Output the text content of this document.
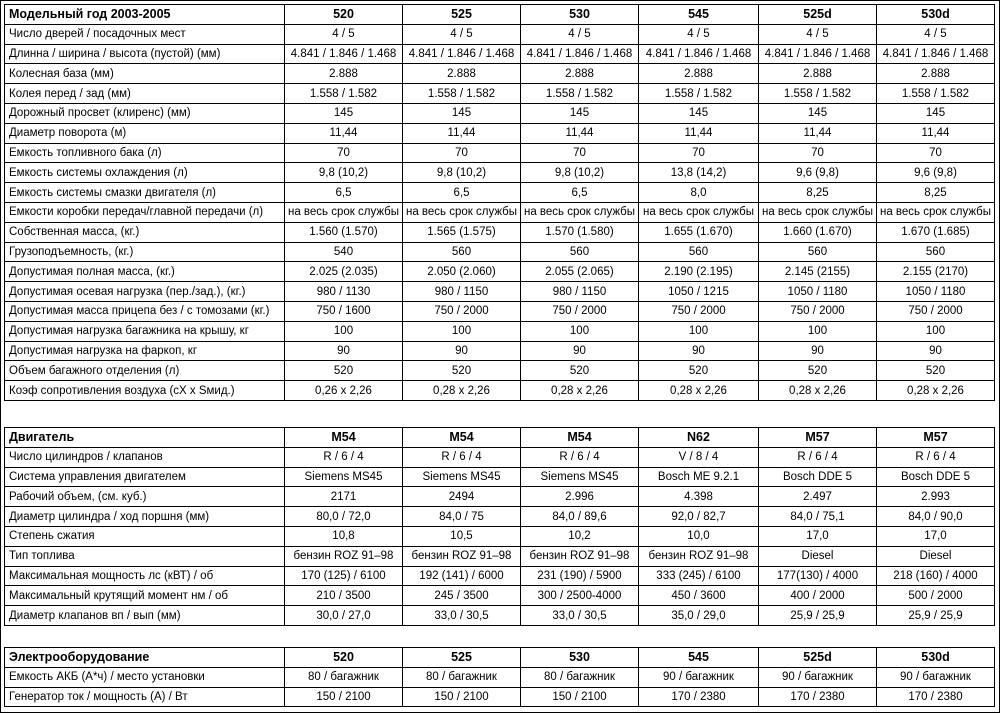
Модельный год 2003-2005	520	525	530	545	525d	530d
Число дверей / посадочных мест	4 / 5	4 / 5	4 / 5	4 / 5	4 / 5	4 / 5
Длинна / ширина / высота (пустой) (мм)	4.841 / 1.846 / 1.468	4.841 / 1.846 / 1.468	4.841 / 1.846 / 1.468	4.841 / 1.846 / 1.468	4.841 / 1.846 / 1.468	4.841 / 1.846 / 1.468
Колесная база (мм)	2.888	2.888	2.888	2.888	2.888	2.888
Колея перед / зад (мм)	1.558 / 1.582	1.558 / 1.582	1.558 / 1.582	1.558 / 1.582	1.558 / 1.582	1.558 / 1.582
Дорожный просвет (клиренс) (мм)	145	145	145	145	145	145
Диаметр поворота (м)	11,44	11,44	11,44	11,44	11,44	11,44
Емкость топливного бака (л)	70	70	70	70	70	70
Емкость системы охлаждения (л)	9,8 (10,2)	9,8 (10,2)	9,8 (10,2)	13,8 (14,2)	9,6 (9,8)	9,6 (9,8)
Емкость системы смазки двигателя (л)	6,5	6,5	6,5	8,0	8,25	8,25
Емкости коробки передач/главной передачи (л)	на весь срок службы	на весь срок службы	на весь срок службы	на весь срок службы	на весь срок службы	на весь срок службы
Собственная масса, (кг.)	1.560 (1.570)	1.565 (1.575)	1.570 (1.580)	1.655 (1.670)	1.660 (1.670)	1.670 (1.685)
Грузоподъемность, (кг.)	540	560	560	560	560	560
Допустимая полная масса, (кг.)	2.025 (2.035)	2.050 (2.060)	2.055 (2.065)	2.190 (2.195)	2.145 (2155)	2.155 (2170)
Допустимая осевая нагрузка (пер./зад.), (кг.)	980 / 1130	980 / 1150	980 / 1150	1050 / 1215	1050 / 1180	1050 / 1180
Допустимая масса прицепа без / с томозами (кг.)	750 / 1600	750 / 2000	750 / 2000	750 / 2000	750 / 2000	750 / 2000
Допустимая нагрузка багажника на крышу, кг	100	100	100	100	100	100
Допустимая нагрузка на фаркоп, кг	90	90	90	90	90	90
Объем багажного отделения (л)	520	520	520	520	520	520
Коэф сопротивления воздуха (cX x Sмид.)	0,26 x 2,26	0,28 x 2,26	0,28 x 2,26	0,28 x 2,26	0,28 x 2,26	0,28 x 2,26
Двигатель	M54	M54	M54	N62	M57	M57
Число цилиндров / клапанов	R / 6 / 4	R / 6 / 4	R / 6 / 4	V / 8 / 4	R / 6 / 4	R / 6 / 4
Система управления двигателем	Siemens MS45	Siemens MS45	Siemens MS45	Bosch ME 9.2.1	Bosch DDE 5	Bosch DDE 5
Рабочий объем, (см. куб.)	2171	2494	2.996	4.398	2.497	2.993
Диаметр цилиндра / ход поршня (мм)	80,0 / 72,0	84,0 / 75	84,0 / 89,6	92,0 / 82,7	84,0 / 75,1	84,0 / 90,0
Степень сжатия	10,8	10,5	10,2	10,0	17,0	17,0
Тип топлива	бензин ROZ 91–98	бензин ROZ 91–98	бензин ROZ 91–98	бензин ROZ 91–98	Diesel	Diesel
Максимальная мощность лс (кВТ) / об	170 (125) / 6100	192 (141) / 6000	231 (190) / 5900	333 (245) / 6100	177(130) / 4000	218 (160) / 4000
Максимальный крутящий момент нм / об	210 / 3500	245 / 3500	300 / 2500-4000	450 / 3600	400 / 2000	500 / 2000
Диаметр клапанов вп / вып (мм)	30,0 / 27,0	33,0 / 30,5	33,0 / 30,5	35,0 / 29,0	25,9 / 25,9	25,9 / 25,9
Электрооборудование	520	525	530	545	525d	530d
Емкость АКБ (А*ч) / место установки	80 / багажник	80 / багажник	80 / багажник	90 / багажник	90 / багажник	90 / багажник
Генератор ток / мощность (А) / Вт	150 / 2100	150 / 2100	150 / 2100	170 / 2380	170 / 2380	170 / 2380
